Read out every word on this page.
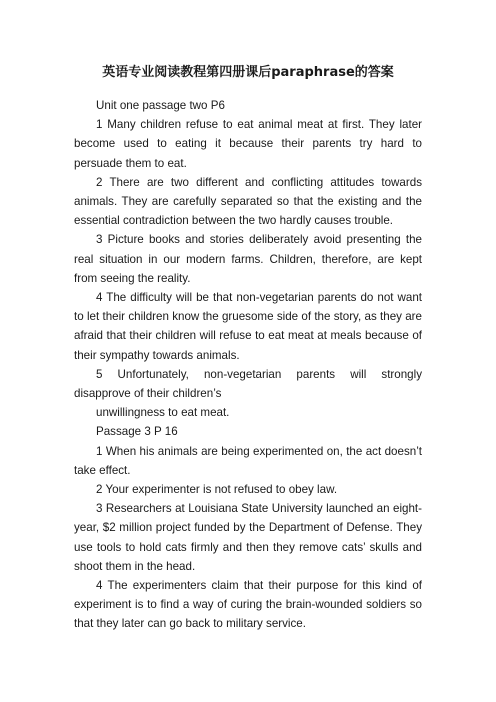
英语专业阅读教程第四册课后paraphrase的答案

Unit one passage two P6

1 Many children refuse to eat animal meat at first. They later become used to eating it because their parents try hard to persuade them to eat.

2 There are two different and conflicting attitudes towards animals. They are carefully separated so that the existing and the essential contradiction between the two hardly causes trouble.

3 Picture books and stories deliberately avoid presenting the real situation in our modern farms. Children, therefore, are kept from seeing the reality.

4 The difficulty will be that non-vegetarian parents do not want to let their children know the gruesome side of the story, as they are afraid that their children will refuse to eat meat at meals because of their sympathy towards animals.

5 Unfortunately, non-vegetarian parents will strongly disapprove of their children’s

unwillingness to eat meat.

Passage 3 P 16

1 When his animals are being experimented on, the act doesn’t take effect.

2 Your experimenter is not refused to obey law.

3 Researchers at Louisiana State University launched an eight-year, $2 million project funded by the Department of Defense. They use tools to hold cats firmly and then they remove cats’ skulls and shoot them in the head.

4 The experimenters claim that their purpose for this kind of experiment is to find a way of curing the brain-wounded soldiers so that they later can go back to military service.
